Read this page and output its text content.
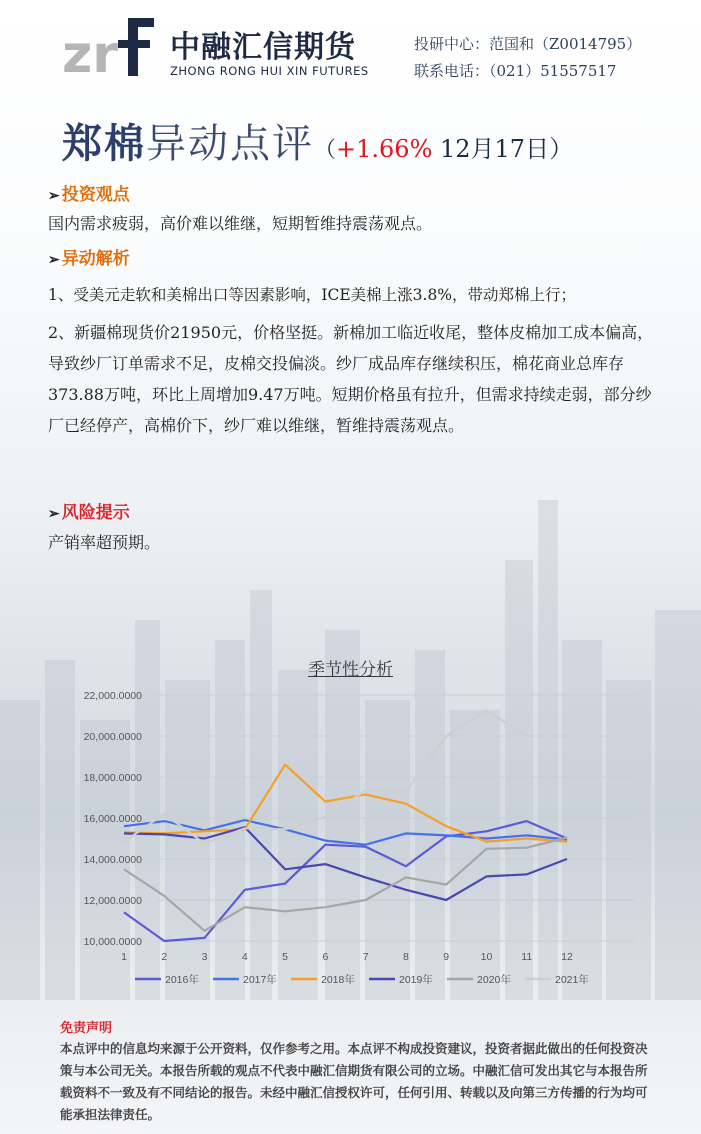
zr 中融汇信期货
ZHONG RONG HUI XIN FUTURES
投研中心：范国和（Z0014795）
联系电话：（021）51557517
郑棉异动点评（+1.66% 12月17日）
➢ 投资观点
国内需求疲弱，高价难以维继，短期暂维持震荡观点。
➢ 异动解析
1、受美元走软和美棉出口等因素影响，ICE美棉上涨3.8%，带动郑棉上行；
2、新疆棉现货价21950元，价格坚挺。新棉加工临近收尾，整体皮棉加工成本偏高，导致纱厂订单需求不足，皮棉交投偏淡。纱厂成品库存继续积压，棉花商业总库存373.88万吨，环比上周增加9.47万吨。短期价格虽有拉升，但需求持续走弱，部分纱厂已经停产，高棉价下，纱厂难以维继，暂维持震荡观点。
➢ 风险提示
产销率超预期。
季节性分析
10,000.0000
12,000.0000
14,000.0000
16,000.0000
18,000.0000
20,000.0000
22,000.0000
1	2	3	4	5	6	7	8	9	10	11	12
2016年	2017年	2018年	2019年	2020年	2021年
免责声明
本点评中的信息均来源于公开资料，仅作参考之用。本点评不构成投资建议，投资者据此做出的任何投资决策与本公司无关。本报告所载的观点不代表中融汇信期货有限公司的立场。中融汇信可发出其它与本报告所载资料不一致及有不同结论的报告。未经中融汇信授权许可，任何引用、转载以及向第三方传播的行为均可能承担法律责任。
